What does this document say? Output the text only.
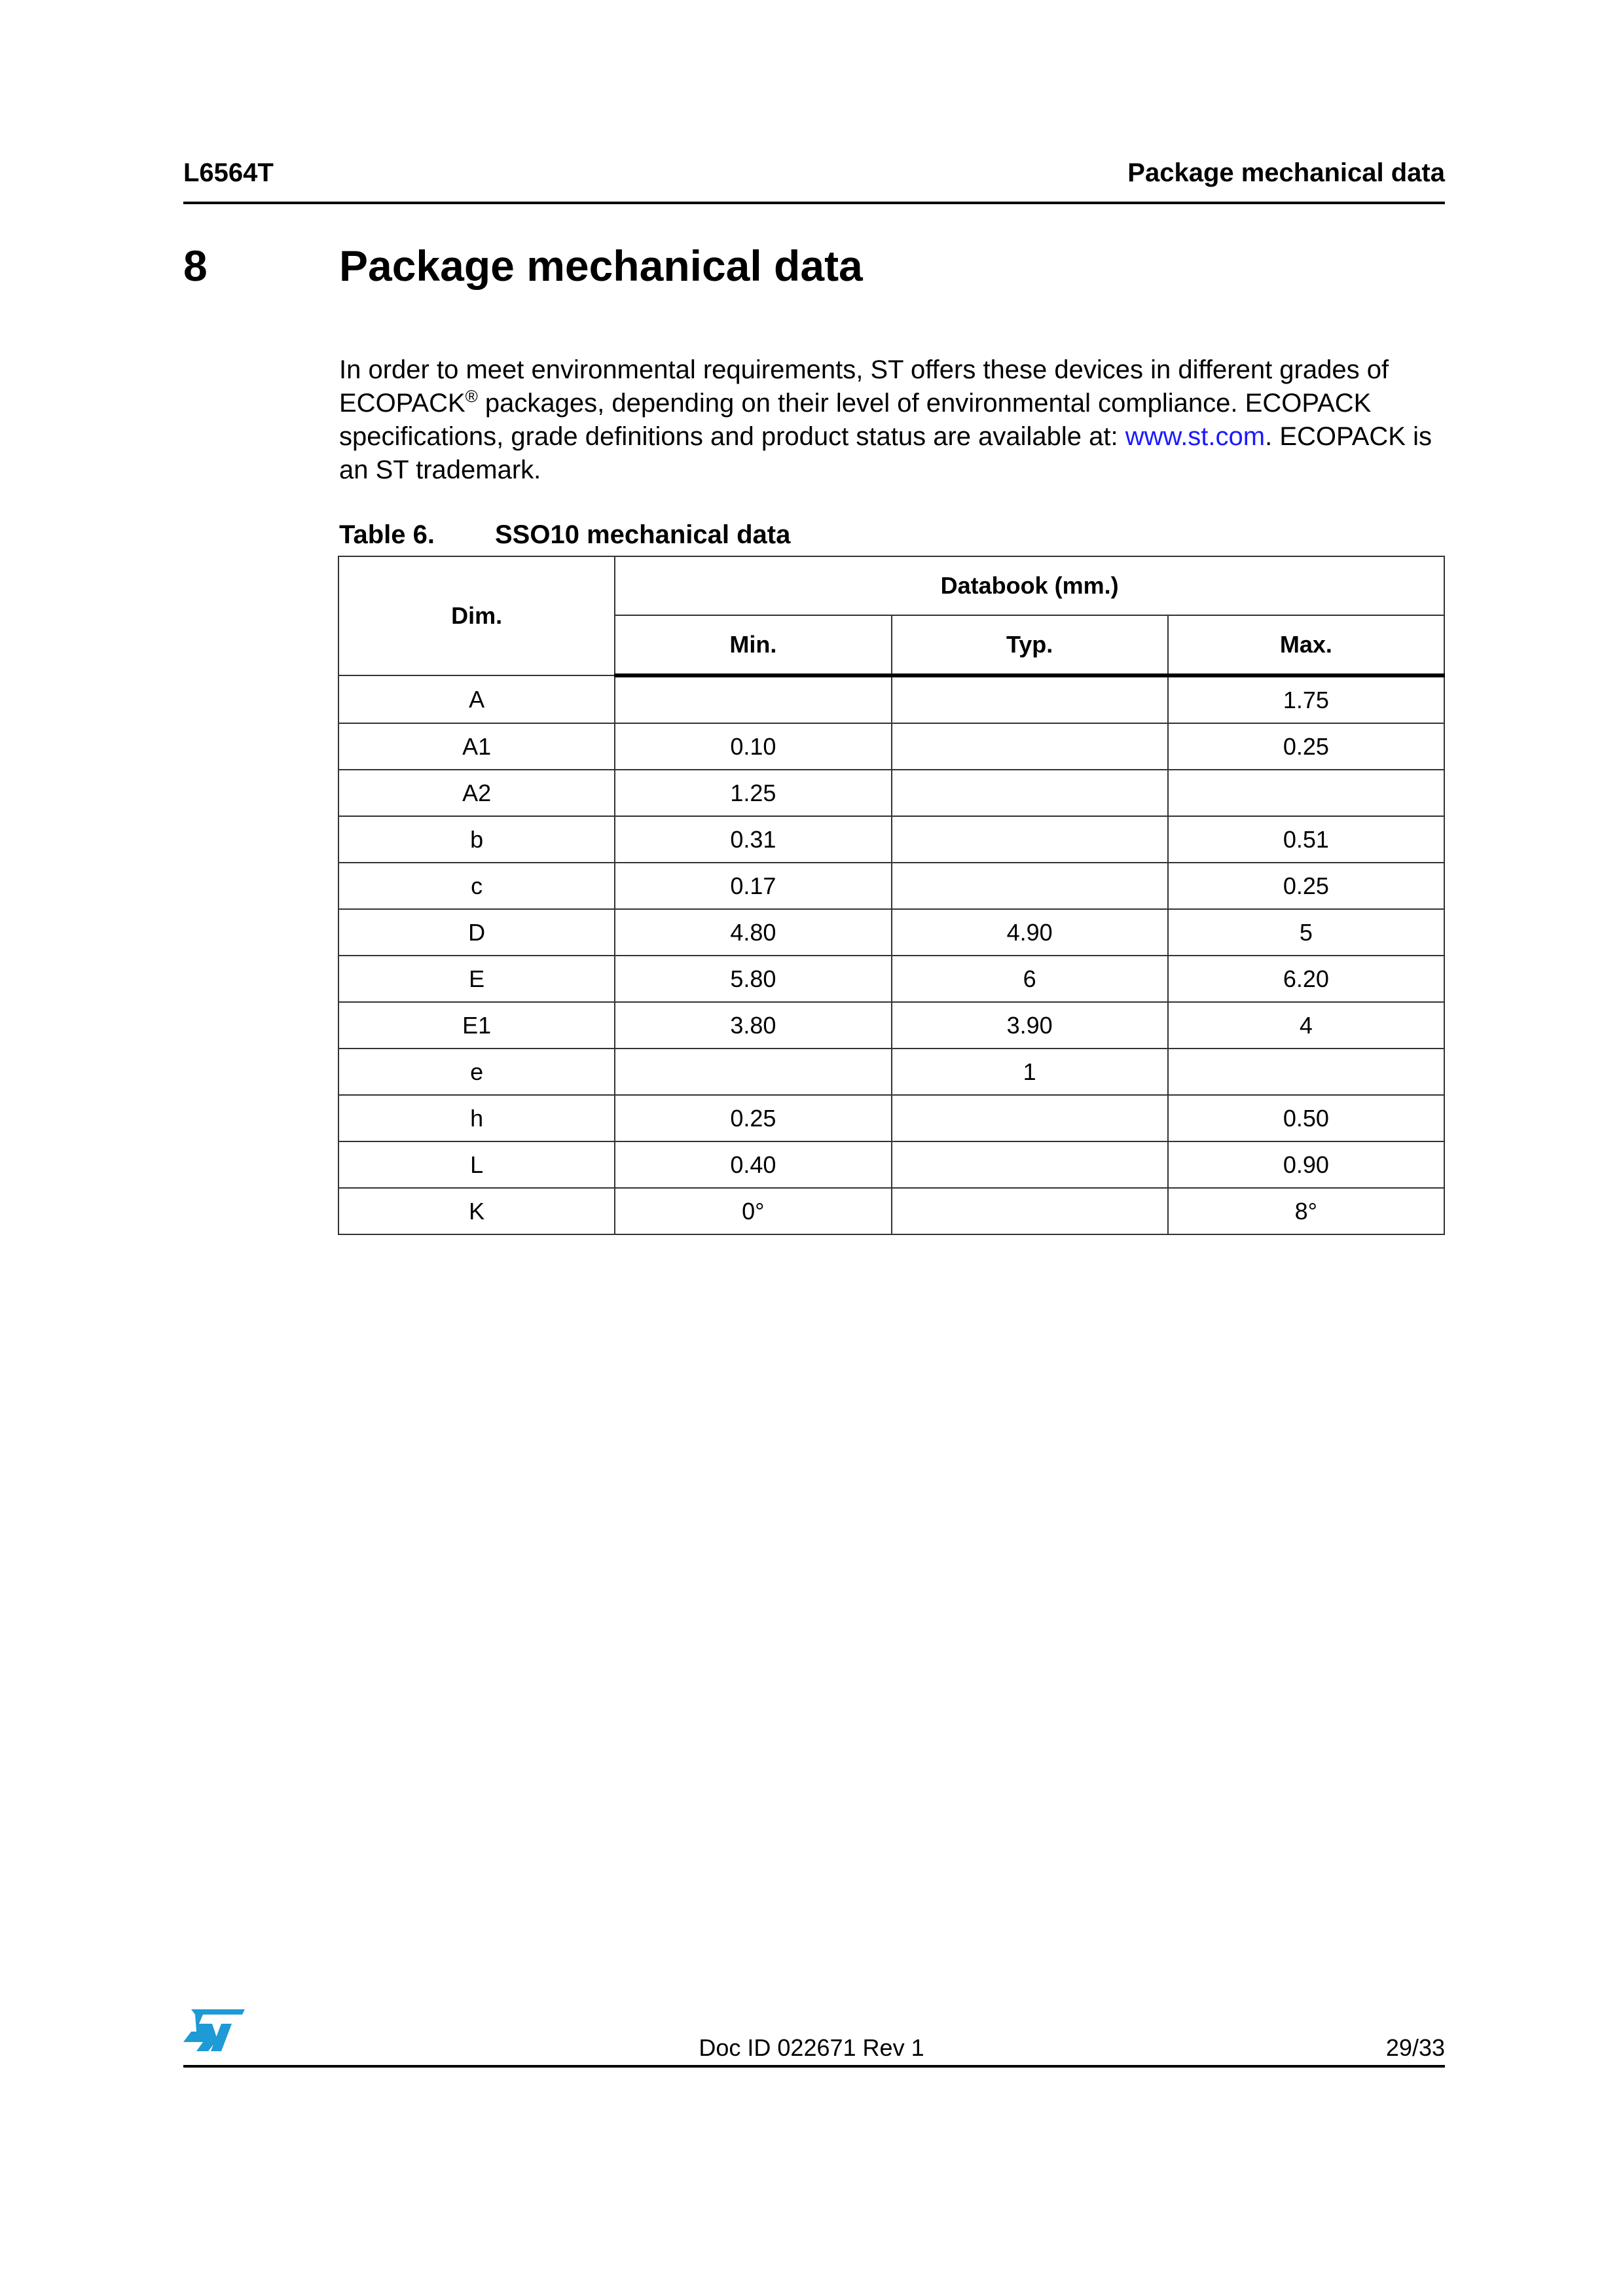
L6564T	Package mechanical data
8	Package mechanical data
In order to meet environmental requirements, ST offers these devices in different grades of ECOPACK® packages, depending on their level of environmental compliance. ECOPACK specifications, grade definitions and product status are available at: www.st.com. ECOPACK is an ST trademark.
Table 6. SSO10 mechanical data
Dim.	Databook (mm.)		
	Min.	Typ.	Max.
A			1.75
A1	0.10		0.25
A2	1.25		
b	0.31		0.51
c	0.17		0.25
D	4.80	4.90	5
E	5.80	6	6.20
E1	3.80	3.90	4
e		1	
h	0.25		0.50
L	0.40		0.90
K	0°		8°
Doc ID 022671 Rev 1	29/33
